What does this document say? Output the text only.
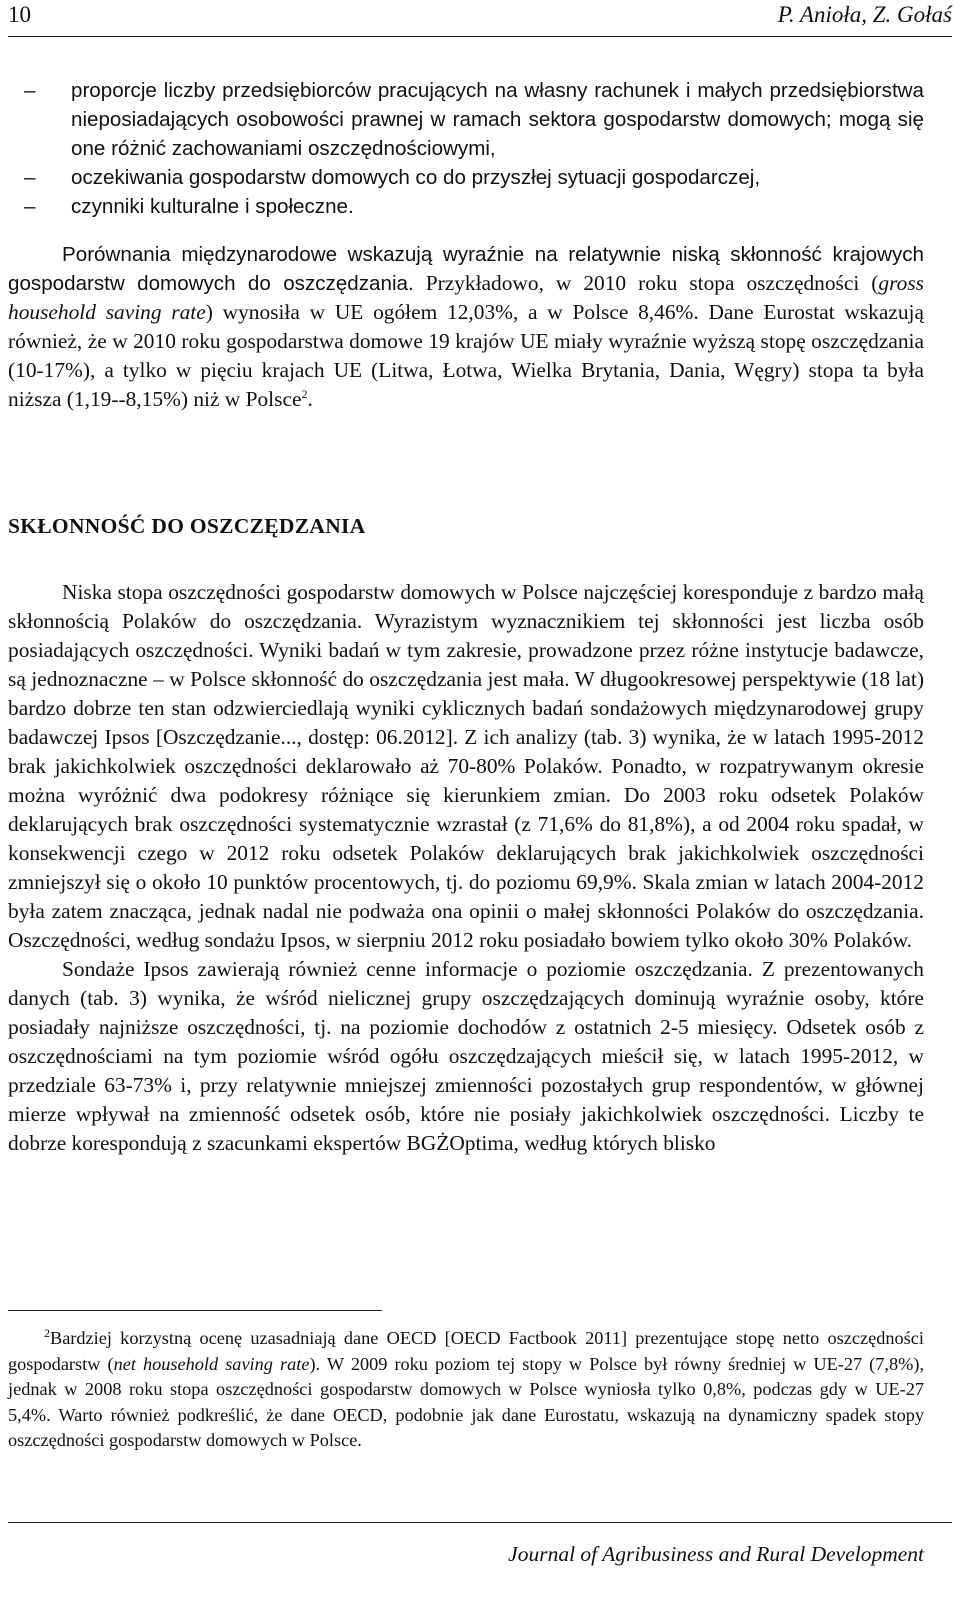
10	P. Anioła, Z. Gołaś
– proporcje liczby przedsiębiorców pracujących na własny rachunek i małych przedsiębiorstwa nieposiadających osobowości prawnej w ramach sektora gospodarstw domowych; mogą się one różnić zachowaniami oszczędnościowymi,
– oczekiwania gospodarstw domowych co do przyszłej sytuacji gospodarczej,
– czynniki kulturalne i społeczne.

Porównania międzynarodowe wskazują wyraźnie na relatywnie niską skłonność krajowych gospodarstw domowych do oszczędzania. Przykładowo, w 2010 roku stopa oszczędności (gross household saving rate) wynosiła w UE ogółem 12,03%, a w Polsce 8,46%. Dane Eurostat wskazują również, że w 2010 roku gospodarstwa domowe 19 krajów UE miały wyraźnie wyższą stopę oszczędzania (10-17%), a tylko w pięciu krajach UE (Litwa, Łotwa, Wielka Brytania, Dania, Węgry) stopa ta była niższa (1,19--8,15%) niż w Polsce$^2$.

SKŁONNOŚĆ DO OSZCZĘDZANIA

Niska stopa oszczędności gospodarstw domowych w Polsce najczęściej koresponduje z bardzo małą skłonnością Polaków do oszczędzania. Wyrazistym wyznacznikiem tej skłonności jest liczba osób posiadających oszczędności. Wyniki badań w tym zakresie, prowadzone przez różne instytucje badawcze, są jednoznaczne – w Polsce skłonność do oszczędzania jest mała. W długookresowej perspektywie (18 lat) bardzo dobrze ten stan odzwierciedlają wyniki cyklicznych badań sondażowych międzynarodowej grupy badawczej Ipsos [Oszczędzanie..., dostęp: 06.2012]. Z ich analizy (tab. 3) wynika, że w latach 1995-2012 brak jakichkolwiek oszczędności deklarowało aż 70-80% Polaków. Ponadto, w rozpatrywanym okresie można wyróżnić dwa podokresy różniące się kierunkiem zmian. Do 2003 roku odsetek Polaków deklarujących brak oszczędności systematycznie wzrastał (z 71,6% do 81,8%), a od 2004 roku spadał, w konsekwencji czego w 2012 roku odsetek Polaków deklarujących brak jakichkolwiek oszczędności zmniejszył się o około 10 punktów procentowych, tj. do poziomu 69,9%. Skala zmian w latach 2004-2012 była zatem znacząca, jednak nadal nie podważa ona opinii o małej skłonności Polaków do oszczędzania. Oszczędności, według sondażu Ipsos, w sierpniu 2012 roku posiadało bowiem tylko około 30% Polaków.

Sondaże Ipsos zawierają również cenne informacje o poziomie oszczędzania. Z prezentowanych danych (tab. 3) wynika, że wśród nielicznej grupy oszczędzających dominują wyraźnie osoby, które posiadały najniższe oszczędności, tj. na poziomie dochodów z ostatnich 2-5 miesięcy. Odsetek osób z oszczędnościami na tym poziomie wśród ogółu oszczędzających mieścił się, w latach 1995-2012, w przedziale 63-73% i, przy relatywnie mniejszej zmienności pozostałych grup respondentów, w głównej mierze wpływał na zmienność odsetek osób, które nie posiały jakichkolwiek oszczędności. Liczby te dobrze korespondują z szacunkami ekspertów BGŻOptima, według których blisko

$^2$Bardziej korzystną ocenę uzasadniają dane OECD [OECD Factbook 2011] prezentujące stopę netto oszczędności gospodarstw (net household saving rate). W 2009 roku poziom tej stopy w Polsce był równy średniej w UE-27 (7,8%), jednak w 2008 roku stopa oszczędności gospodarstw domowych w Polsce wyniosła tylko 0,8%, podczas gdy w UE-27 5,4%. Warto również podkreślić, że dane OECD, podobnie jak dane Eurostatu, wskazują na dynamiczny spadek stopy oszczędności gospodarstw domowych w Polsce.

Journal of Agribusiness and Rural Development
